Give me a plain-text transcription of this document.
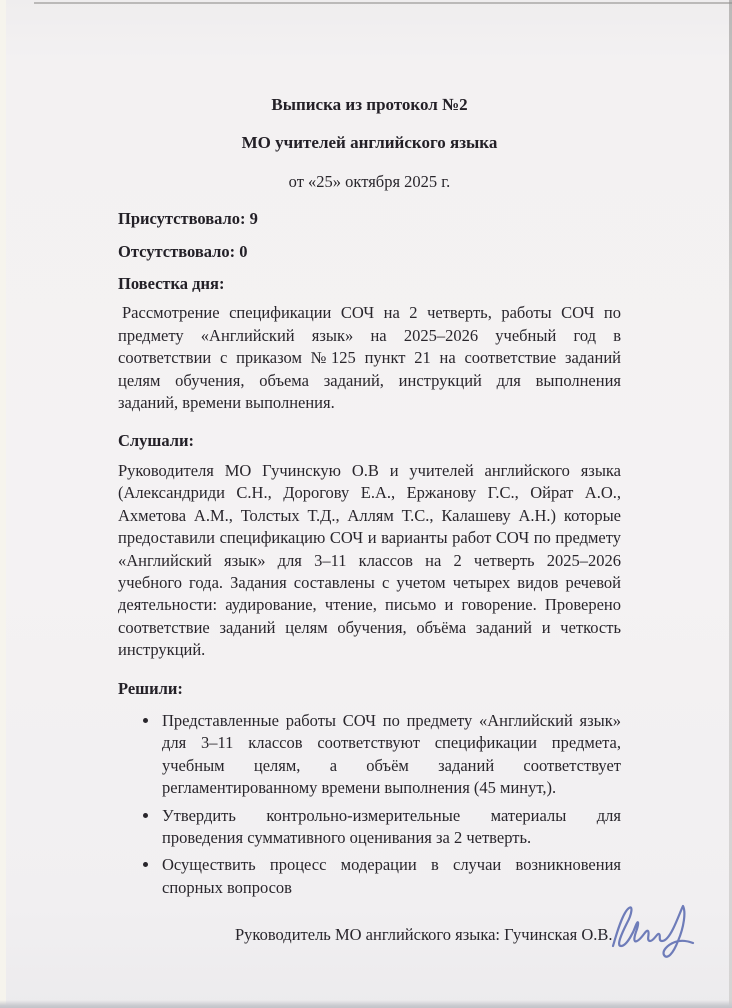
Выписка из протокол №2

МО учителей английского языка

от «25» октября 2025 г.

Присутствовало: 9

Отсутствовало: 0

Повестка дня:

Рассмотрение спецификации СОЧ на 2 четверть, работы СОЧ по предмету «Английский язык» на 2025–2026 учебный год в соответствии с приказом №125 пункт 21 на соответствие заданий целям обучения, объема заданий, инструкций для выполнения заданий, времени выполнения.

Слушали:

Руководителя МО Гучинскую О.В и учителей английского языка (Александриди С.Н., Дорогову Е.А., Ержанову Г.С., Ойрат А.О., Ахметова А.М., Толстых Т.Д., Аллям Т.С., Калашеву А.Н.) которые предоставили спецификацию СОЧ и варианты работ СОЧ по предмету «Английский язык» для 3–11 классов на 2 четверть 2025–2026 учебного года. Задания составлены с учетом четырех видов речевой деятельности: аудирование, чтение, письмо и говорение. Проверено соответствие заданий целям обучения, объёма заданий и четкость инструкций.

Решили:

• Представленные работы СОЧ по предмету «Английский язык» для 3–11 классов соответствуют спецификации предмета, учебным целям, а объём заданий соответствует регламентированному времени выполнения (45 минут,).
• Утвердить контрольно-измерительные материалы для проведения суммативного оценивания за 2 четверть.
• Осуществить процесс модерации в случаи возникновения спорных вопросов
Руководитель МО английского языка: Гучинская О.В.
